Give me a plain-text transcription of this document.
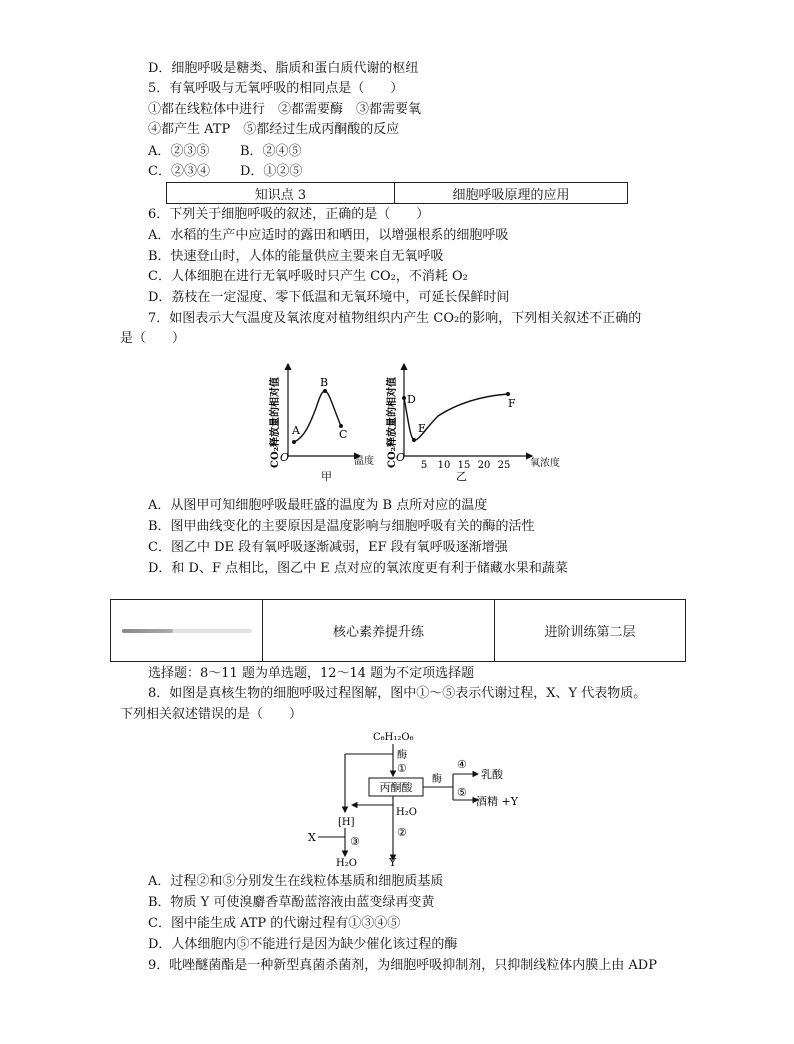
D．细胞呼吸是糖类、脂质和蛋白质代谢的枢纽
5．有氧呼吸与无氧呼吸的相同点是（　　）
①都在线粒体中进行　②都需要酶　③都需要氧
④都产生 ATP　⑤都经过生成丙酮酸的反应
A．②③⑤ B．②④⑤
C．②③④ D．①②⑤
知识点 3	细胞呼吸原理的应用
6．下列关于细胞呼吸的叙述，正确的是（　　）
A．水稻的生产中应适时的露田和晒田，以增强根系的细胞呼吸
B．快速登山时，人体的能量供应主要来自无氧呼吸
C．人体细胞在进行无氧呼吸时只产生 CO₂，不消耗 O₂
D．荔枝在一定湿度、零下低温和无氧环境中，可延长保鲜时间
7．如图表示大气温度及氧浓度对植物组织内产生 CO₂的影响，下列相关叙述不正确的
是（　　）
A
B
C
O	温度
甲
CO₂释放量的相对值	D
E
F
O
5 10 15 20 25 氧浓度
乙
CO₂释放量的相对值
A．从图甲可知细胞呼吸最旺盛的温度为 B 点所对应的温度
B．图甲曲线变化的主要原因是温度影响与细胞呼吸有关的酶的活性
C．图乙中 DE 段有氧呼吸逐渐减弱，EF 段有氧呼吸逐渐增强
D．和 D、F 点相比，图乙中 E 点对应的氧浓度更有利于储藏水果和蔬菜
核心素养提升练	进阶训练第二层
选择题：8～11 题为单选题，12～14 题为不定项选择题
8．如图是真核生物的细胞呼吸过程图解，图中①～⑤表示代谢过程，X、Y 代表物质。
下列相关叙述错误的是（　　）
C₆H₁₂O₆
酶
①
丙酮酸
酶
④
乳酸
⑤
酒精 +Y
H₂O
②
Y
[H]
X	③
H₂O
A．过程②和⑤分别发生在线粒体基质和细胞质基质
B．物质 Y 可使溴麝香草酚蓝溶液由蓝变绿再变黄
C．图中能生成 ATP 的代谢过程有①③④⑤
D．人体细胞内⑤不能进行是因为缺少催化该过程的酶
9．吡唑醚菌酯是一种新型真菌杀菌剂，为细胞呼吸抑制剂，只抑制线粒体内膜上由 ADP
